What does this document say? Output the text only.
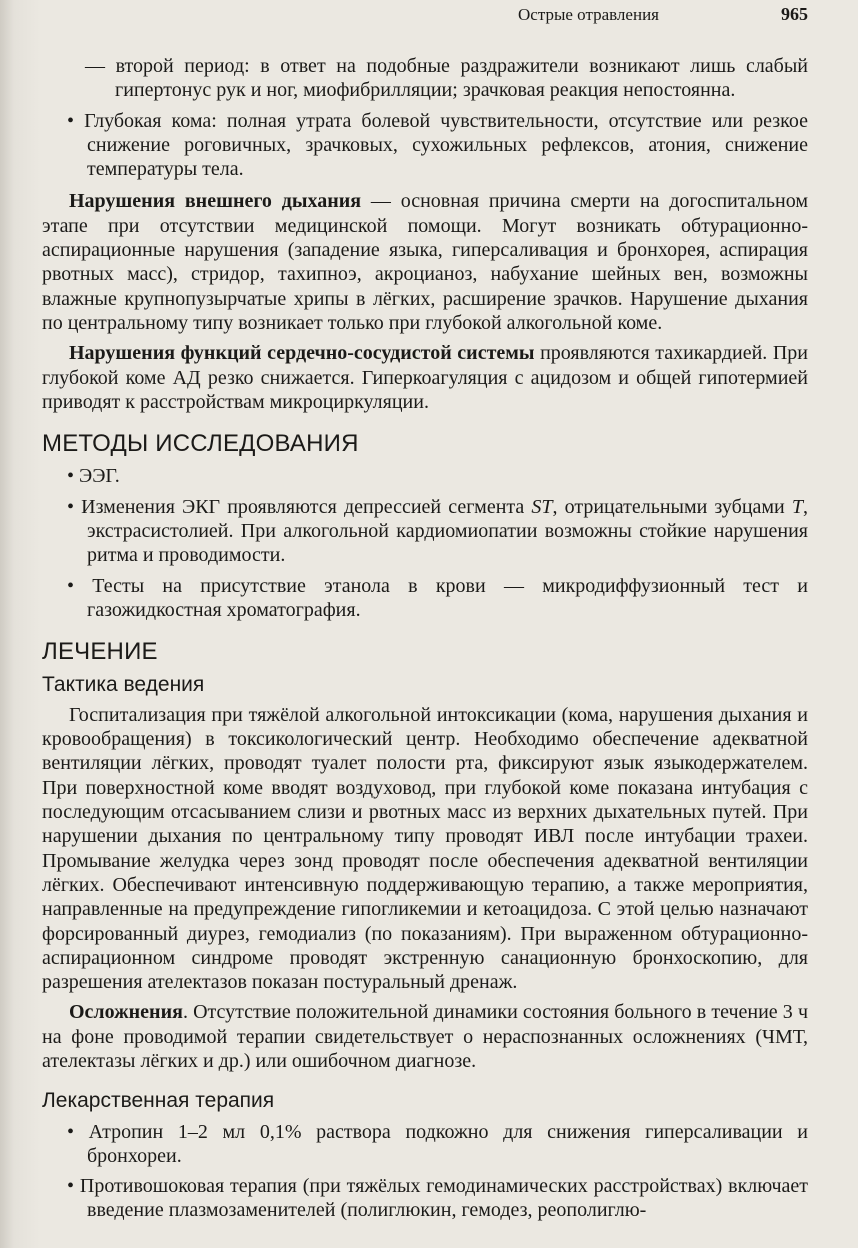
Острые отравления	965

— второй период: в ответ на подобные раздражители возникают лишь слабый гипертонус рук и ног, миофибрилляции; зрачковая реакция непостоянна.

• Глубокая кома: полная утрата болевой чувствительности, отсутствие или резкое снижение роговичных, зрачковых, сухожильных рефлексов, атония, снижение температуры тела.

Нарушения внешнего дыхания — основная причина смерти на догоспитальном этапе при отсутствии медицинской помощи. Могут возникать обтурационно-аспирационные нарушения (западение языка, гиперсаливация и бронхорея, аспирация рвотных масс), стридор, тахипноэ, акроцианоз, набухание шейных вен, возможны влажные крупнопузырчатые хрипы в лёгких, расширение зрачков. Нарушение дыхания по центральному типу возникает только при глубокой алкогольной коме.

Нарушения функций сердечно-сосудистой системы проявляются тахикардией. При глубокой коме АД резко снижается. Гиперкоагуляция с ацидозом и общей гипотермией приводят к расстройствам микроциркуляции.

МЕТОДЫ ИССЛЕДОВАНИЯ

• ЭЭГ.

• Изменения ЭКГ проявляются депрессией сегмента ST, отрицательными зубцами T, экстрасистолией. При алкогольной кардиомиопатии возможны стойкие нарушения ритма и проводимости.

• Тесты на присутствие этанола в крови — микродиффузионный тест и газожидкостная хроматография.

ЛЕЧЕНИЕ
Тактика ведения

Госпитализация при тяжёлой алкогольной интоксикации (кома, нарушения дыхания и кровообращения) в токсикологический центр. Необходимо обеспечение адекватной вентиляции лёгких, проводят туалет полости рта, фиксируют язык языкодержателем. При поверхностной коме вводят воздуховод, при глубокой коме показана интубация с последующим отсасыванием слизи и рвотных масс из верхних дыхательных путей. При нарушении дыхания по центральному типу проводят ИВЛ после интубации трахеи. Промывание желудка через зонд проводят после обеспечения адекватной вентиляции лёгких. Обеспечивают интенсивную поддерживающую терапию, а также мероприятия, направленные на предупреждение гипогликемии и кетоацидоза. С этой целью назначают форсированный диурез, гемодиализ (по показаниям). При выраженном обтурационно-аспирационном синдроме проводят экстренную санационную бронхоскопию, для разрешения ателектазов показан постуральный дренаж.

Осложнения. Отсутствие положительной динамики состояния больного в течение 3 ч на фоне проводимой терапии свидетельствует о нераспознанных осложнениях (ЧМТ, ателектазы лёгких и др.) или ошибочном диагнозе.

Лекарственная терапия

• Атропин 1–2 мл 0,1% раствора подкожно для снижения гиперсаливации и бронхореи.

• Противошоковая терапия (при тяжёлых гемодинамических расстройствах) включает введение плазмозаменителей (полиглюкин, гемодез, реополиглю-
